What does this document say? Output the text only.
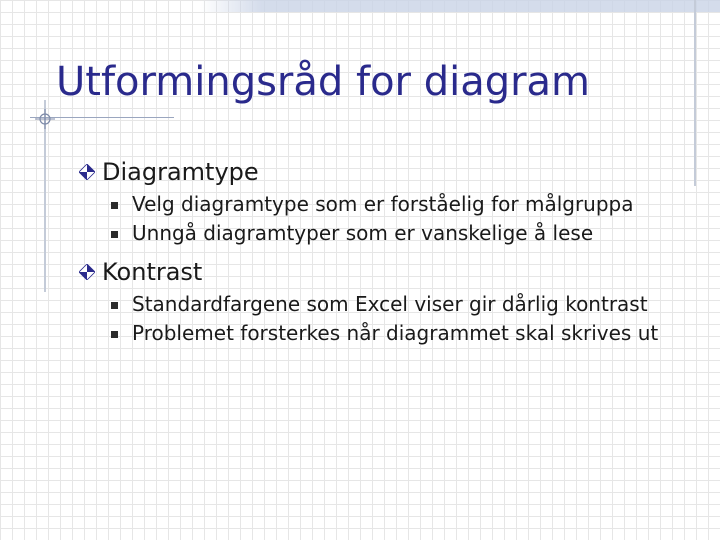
Utformingsråd for diagram
Diagramtype
Velg diagramtype som er forståelig for målgruppa
Unngå diagramtyper som er vanskelige å lese
Kontrast
Standardfargene som Excel viser gir dårlig kontrast
Problemet forsterkes når diagrammet skal skrives ut
